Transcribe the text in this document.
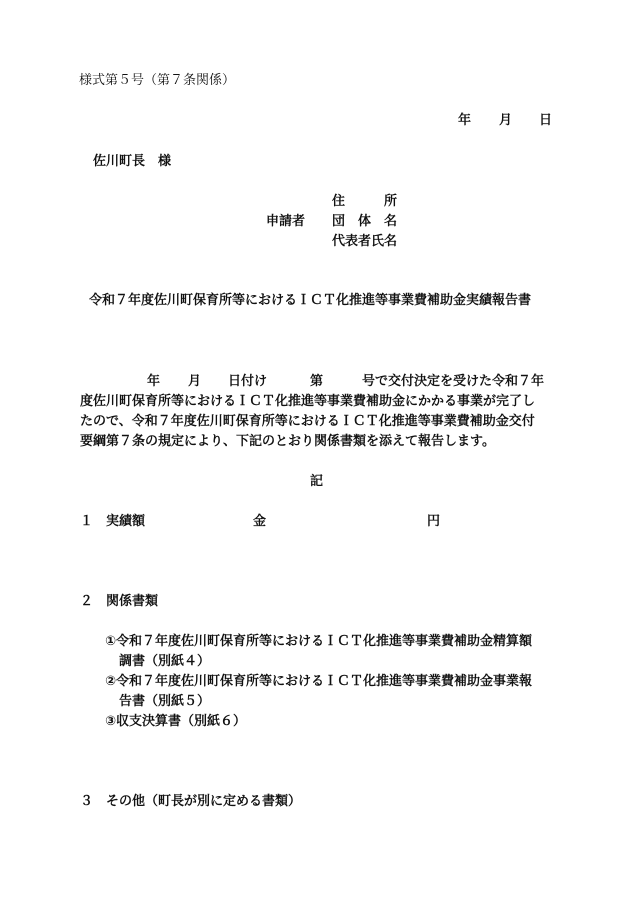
様式第５号（第７条関係）
年 月 日
佐川町長　様
住　　　所
申請者 団　体　名
代表者氏名
令和７年度佐川町保育所等におけるＩＣＴ化推進等事業費補助金実績報告書
年 月 日付け	第	号で交付決定を受けた令和７年
度佐川町保育所等におけるＩＣＴ化推進等事業費補助金にかかる事業が完了し
たので、令和７年度佐川町保育所等におけるＩＣＴ化推進等事業費補助金交付
要綱第７条の規定により、下記のとおり関係書類を添えて報告します。
記
１ 実績額	金	円
２ 関係書類
①令和７年度佐川町保育所等におけるＩＣＴ化推進等事業費補助金精算額
調書（別紙４）
②令和７年度佐川町保育所等におけるＩＣＴ化推進等事業費補助金事業報
告書（別紙５）
③収支決算書（別紙６）
３ その他（町長が別に定める書類）
